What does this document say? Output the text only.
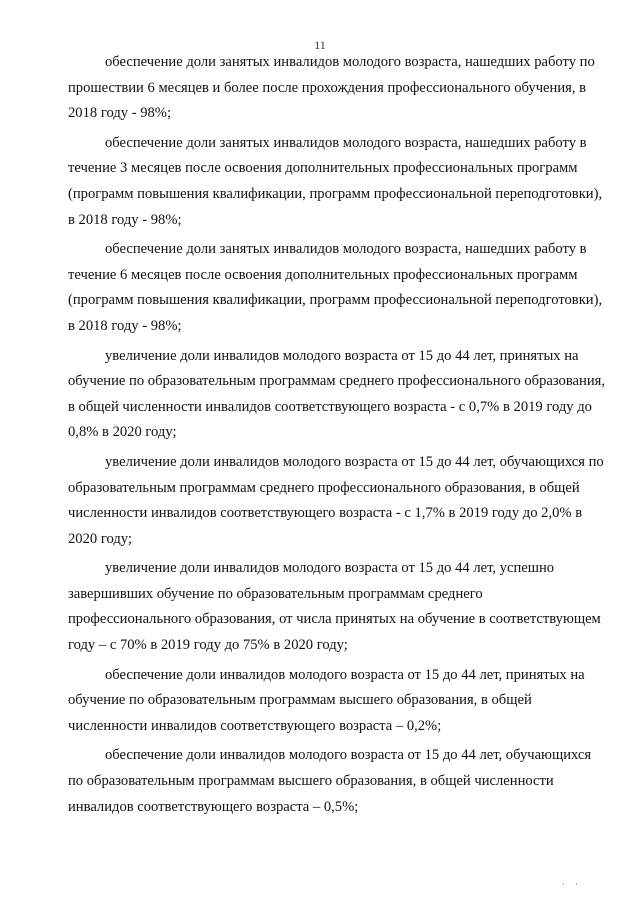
11

обеспечение доли занятых инвалидов молодого возраста, нашедших работу по прошествии 6 месяцев и более после прохождения профессионального обучения, в 2018 году - 98%;

обеспечение доли занятых инвалидов молодого возраста, нашедших работу в течение 3 месяцев после освоения дополнительных профессиональных программ (программ повышения квалификации, программ профессиональной переподготовки), в 2018 году - 98%;

обеспечение доли занятых инвалидов молодого возраста, нашедших работу в течение 6 месяцев после освоения дополнительных профессиональных программ (программ повышения квалификации, программ профессиональной переподготовки), в 2018 году - 98%;

увеличение доли инвалидов молодого возраста от 15 до 44 лет, принятых на обучение по образовательным программам среднего профессионального образования, в общей численности инвалидов соответствующего возраста - с 0,7% в 2019 году до 0,8% в 2020 году;

увеличение доли инвалидов молодого возраста от 15 до 44 лет, обучающихся по образовательным программам среднего профессионального образования, в общей численности инвалидов соответствующего возраста - с 1,7% в 2019 году до 2,0% в 2020 году;

увеличение доли инвалидов молодого возраста от 15 до 44 лет, успешно завершивших обучение по образовательным программам среднего профессионального образования, от числа принятых на обучение в соответствующем году – с 70% в 2019 году до 75% в 2020 году;

обеспечение доли инвалидов молодого возраста от 15 до 44 лет, принятых на обучение по образовательным программам высшего образования, в общей численности инвалидов соответствующего возраста – 0,2%;

обеспечение доли инвалидов молодого возраста от 15 до 44 лет, обучающихся по образовательным программам высшего образования, в общей численности инвалидов соответствующего возраста – 0,5%;

· ·
